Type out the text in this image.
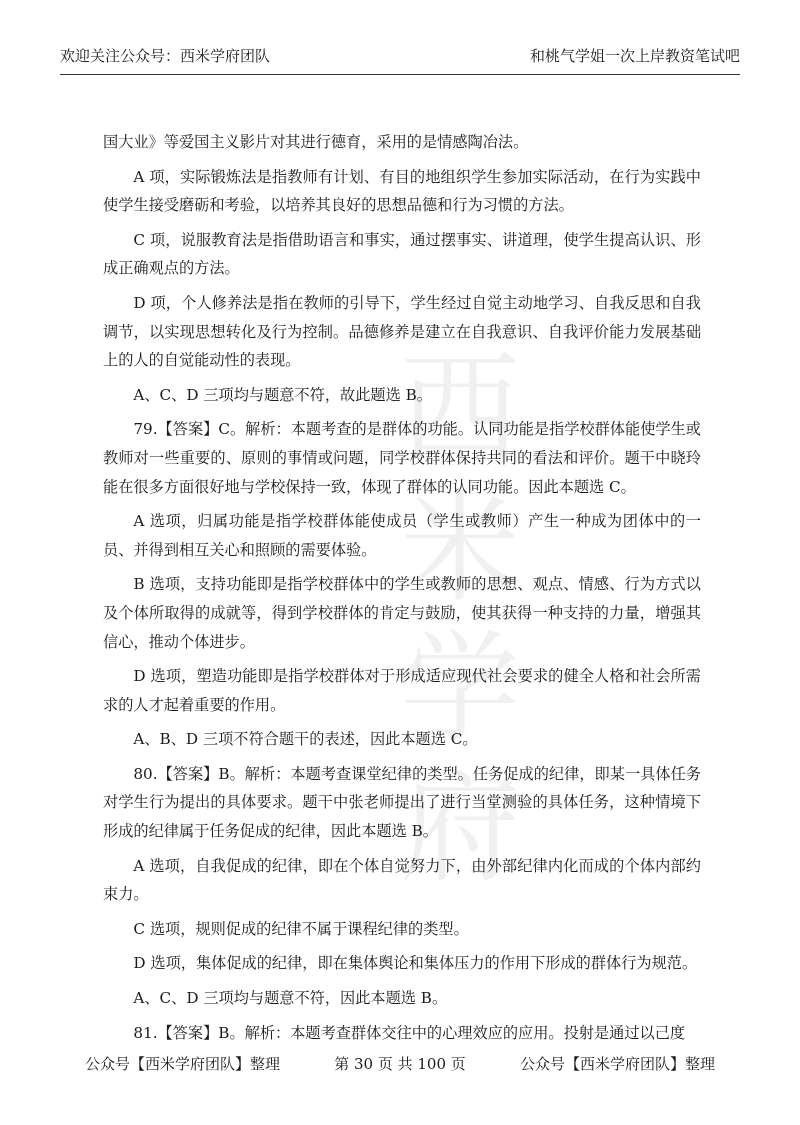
欢迎关注公众号：西米学府团队	和桃气学姐一次上岸教资笔试吧
西米
学府

国大业》等爱国主义影片对其进行德育，采用的是情感陶冶法。

A 项，实际锻炼法是指教师有计划、有目的地组织学生参加实际活动，在行为实践中使学生接受磨砺和考验，以培养其良好的思想品德和行为习惯的方法。

C 项，说服教育法是指借助语言和事实，通过摆事实、讲道理，使学生提高认识、形成正确观点的方法。

D 项，个人修养法是指在教师的引导下，学生经过自觉主动地学习、自我反思和自我调节，以实现思想转化及行为控制。品德修养是建立在自我意识、自我评价能力发展基础上的人的自觉能动性的表现。

A、C、D 三项均与题意不符，故此题选 B。

79.【答案】C。解析：本题考查的是群体的功能。认同功能是指学校群体能使学生或教师对一些重要的、原则的事情或问题，同学校群体保持共同的看法和评价。题干中晓玲能在很多方面很好地与学校保持一致，体现了群体的认同功能。因此本题选 C。

A 选项，归属功能是指学校群体能使成员（学生或教师）产生一种成为团体中的一员、并得到相互关心和照顾的需要体验。

B 选项，支持功能即是指学校群体中的学生或教师的思想、观点、情感、行为方式以及个体所取得的成就等，得到学校群体的肯定与鼓励，使其获得一种支持的力量，增强其信心，推动个体进步。

D 选项，塑造功能即是指学校群体对于形成适应现代社会要求的健全人格和社会所需求的人才起着重要的作用。

A、B、D 三项不符合题干的表述，因此本题选 C。

80.【答案】B。解析：本题考查课堂纪律的类型。任务促成的纪律，即某一具体任务对学生行为提出的具体要求。题干中张老师提出了进行当堂测验的具体任务，这种情境下形成的纪律属于任务促成的纪律，因此本题选 B。

A 选项，自我促成的纪律，即在个体自觉努力下，由外部纪律内化而成的个体内部约束力。

C 选项，规则促成的纪律不属于课程纪律的类型。

D 选项，集体促成的纪律，即在集体舆论和集体压力的作用下形成的群体行为规范。

A、C、D 三项均与题意不符，因此本题选 B。

81.【答案】B。解析：本题考查群体交往中的心理效应的应用。投射是通过以己度

公众号【西米学府团队】整理	第 30 页 共 100 页	公众号【西米学府团队】整理
